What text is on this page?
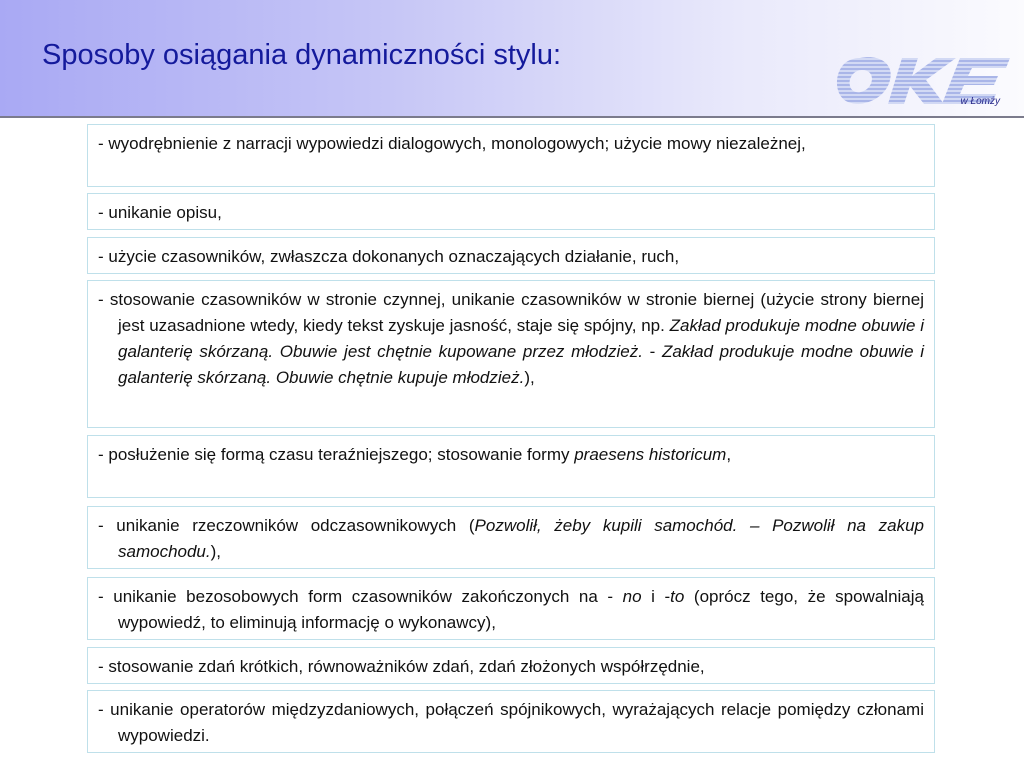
Sposoby osiągania dynamiczności stylu:
w Łomży

- wyodrębnienie z narracji wypowiedzi dialogowych, monologowych; użycie mowy niezależnej,

- unikanie opisu,

- użycie czasowników, zwłaszcza dokonanych oznaczających działanie, ruch,

- stosowanie czasowników w stronie czynnej, unikanie czasowników w stronie biernej (użycie strony biernej jest uzasadnione wtedy, kiedy tekst zyskuje jasność, staje się spójny, np. Zakład produkuje modne obuwie i galanterię skórzaną. Obuwie jest chętnie kupowane przez młodzież. - Zakład produkuje modne obuwie i galanterię skórzaną. Obuwie chętnie kupuje młodzież.),

- posłużenie się formą czasu teraźniejszego; stosowanie formy praesens historicum,

- unikanie rzeczowników odczasownikowych (Pozwolił, żeby kupili samochód. – Pozwolił na zakup samochodu.),

- unikanie bezosobowych form czasowników zakończonych na - no i -to (oprócz tego, że spowalniają wypowiedź, to eliminują informację o wykonawcy),

- stosowanie zdań krótkich, równoważników zdań, zdań złożonych współrzędnie,

- unikanie operatorów międzyzdaniowych, połączeń spójnikowych, wyrażających relacje pomiędzy członami wypowiedzi.
